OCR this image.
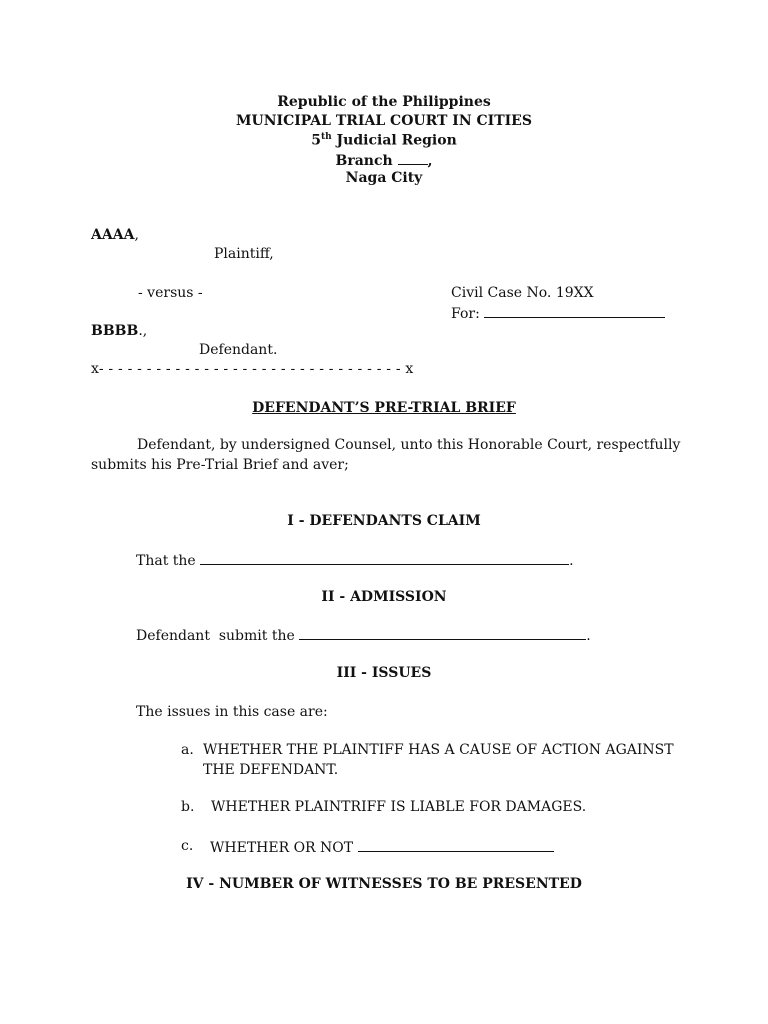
Republic of the Philippines
MUNICIPAL TRIAL COURT IN CITIES
5th Judicial Region
Branch ,
Naga City
AAAA,
Plaintiff,
- versus -	Civil Case No. 19XX
For:
BBBB.,
Defendant.
x- - - - - - - - - - - - - - - - - - - - - - - - - - - - - - - - x
DEFENDANT’S PRE-TRIAL BRIEF
Defendant, by undersigned Counsel, unto this Honorable Court, respectfully
submits his Pre-Trial Brief and aver;
I - DEFENDANTS CLAIM
That the	.
II - ADMISSION
Defendant  submit the	.
III - ISSUES
The issues in this case are:
a. WHETHER THE PLAINTIFF HAS A CAUSE OF ACTION AGAINST
THE DEFENDANT.
b. WHETHER PLAINTRIFF IS LIABLE FOR DAMAGES.
c. WHETHER OR NOT
IV - NUMBER OF WITNESSES TO BE PRESENTED
